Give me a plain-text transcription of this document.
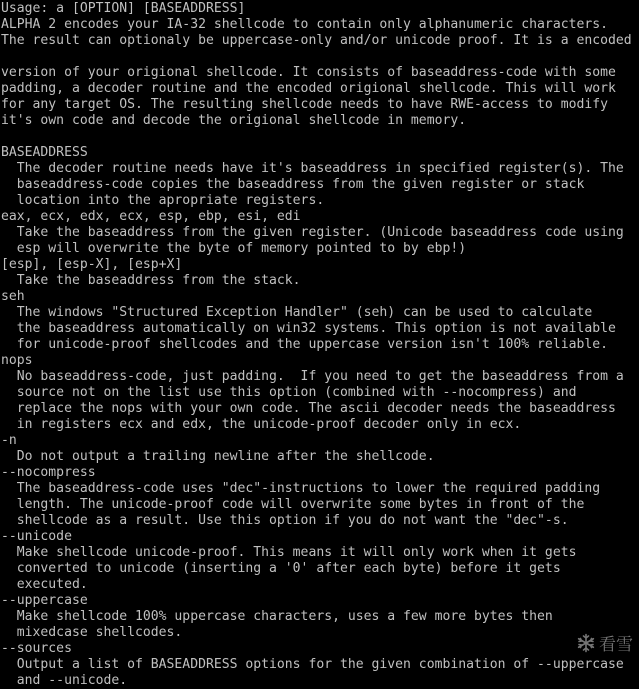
Usage: a [OPTION] [BASEADDRESS]
ALPHA 2 encodes your IA-32 shellcode to contain only alphanumeric characters.
The result can optionaly be uppercase-only and/or unicode proof. It is a encoded
version of your origional shellcode. It consists of baseaddress-code with some
padding, a decoder routine and the encoded origional shellcode. This will work
for any target OS. The resulting shellcode needs to have RWE-access to modify
it's own code and decode the origional shellcode in memory.
BASEADDRESS
The decoder routine needs have it's baseaddress in specified register(s). The
baseaddress-code copies the baseaddress from the given register or stack
location into the apropriate registers.
eax, ecx, edx, ecx, esp, ebp, esi, edi
Take the baseaddress from the given register. (Unicode baseaddress code using
esp will overwrite the byte of memory pointed to by ebp!)
[esp], [esp-X], [esp+X]
Take the baseaddress from the stack.
seh
The windows "Structured Exception Handler" (seh) can be used to calculate
the baseaddress automatically on win32 systems. This option is not available
for unicode-proof shellcodes and the uppercase version isn't 100% reliable.
nops
No baseaddress-code, just padding.  If you need to get the baseaddress from a
source not on the list use this option (combined with --nocompress) and
replace the nops with your own code. The ascii decoder needs the baseaddress
in registers ecx and edx, the unicode-proof decoder only in ecx.
-n
Do not output a trailing newline after the shellcode.
--nocompress
The baseaddress-code uses "dec"-instructions to lower the required padding
length. The unicode-proof code will overwrite some bytes in front of the
shellcode as a result. Use this option if you do not want the "dec"-s.
--unicode
Make shellcode unicode-proof. This means it will only work when it gets
converted to unicode (inserting a '0' after each byte) before it gets
executed.
--uppercase
Make shellcode 100% uppercase characters, uses a few more bytes then
mixedcase shellcodes.
--sources
Output a list of BASEADDRESS options for the given combination of --uppercase
and --unicode.
看雪
